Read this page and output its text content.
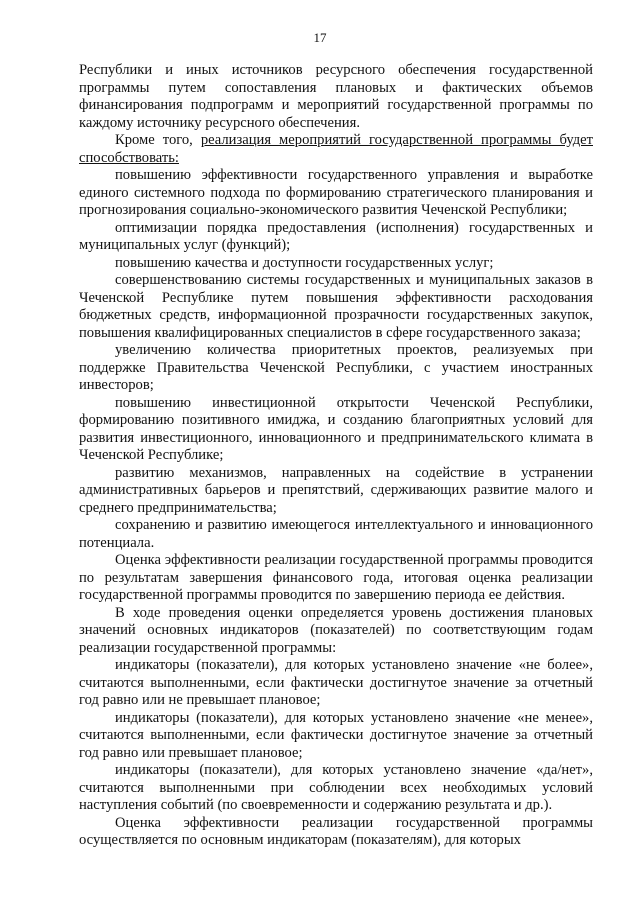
17

Республики и иных источников ресурсного обеспечения государственной программы путем сопоставления плановых и фактических объемов финансирования подпрограмм и мероприятий государственной программы по каждому источнику ресурсного обеспечения.

Кроме того, реализация мероприятий государственной программы будет способствовать:

повышению эффективности государственного управления и выработке единого системного подхода по формированию стратегического планирования и прогнозирования социально-экономического развития Чеченской Республики;

оптимизации порядка предоставления (исполнения) государственных и муниципальных услуг (функций);

повышению качества и доступности государственных услуг;

совершенствованию системы государственных и муниципальных заказов в Чеченской Республике путем повышения эффективности расходования бюджетных средств, информационной прозрачности государственных закупок, повышения квалифицированных специалистов в сфере государственного заказа;

увеличению количества приоритетных проектов, реализуемых при поддержке Правительства Чеченской Республики, с участием иностранных инвесторов;

повышению инвестиционной открытости Чеченской Республики, формированию позитивного имиджа, и созданию благоприятных условий для развития инвестиционного, инновационного и предпринимательского климата в Чеченской Республике;

развитию механизмов, направленных на содействие в устранении административных барьеров и препятствий, сдерживающих развитие малого и среднего предпринимательства;

сохранению и развитию имеющегося интеллектуального и инновационного потенциала.

Оценка эффективности реализации государственной программы проводится по результатам завершения финансового года, итоговая оценка реализации государственной программы проводится по завершению периода ее действия.

В ходе проведения оценки определяется уровень достижения плановых значений основных индикаторов (показателей) по соответствующим годам реализации государственной программы:

индикаторы (показатели), для которых установлено значение «не более», считаются выполненными, если фактически достигнутое значение за отчетный год равно или не превышает плановое;

индикаторы (показатели), для которых установлено значение «не менее», считаются выполненными, если фактически достигнутое значение за отчетный год равно или превышает плановое;

индикаторы (показатели), для которых установлено значение «да/нет», считаются выполненными при соблюдении всех необходимых условий наступления событий (по своевременности и содержанию результата и др.).

Оценка эффективности реализации государственной программы осуществляется по основным индикаторам (показателям), для которых
